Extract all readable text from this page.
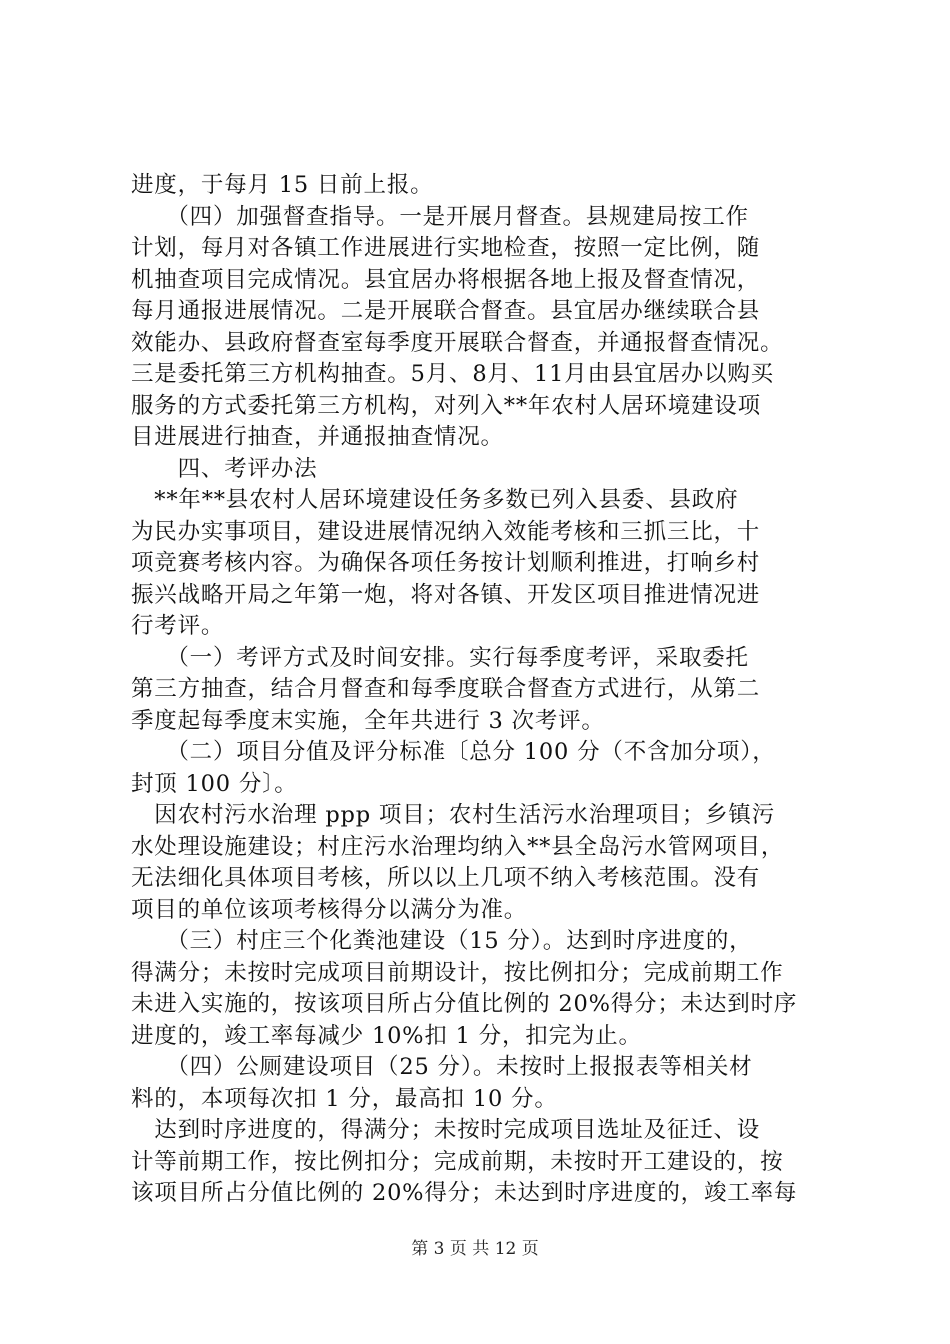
进度，于每月 15 日前上报。
　　（四）加强督查指导。一是开展月督查。县规建局按工作
计划，每月对各镇工作进展进行实地检查，按照一定比例，随
机抽查项目完成情况。县宜居办将根据各地上报及督查情况，
每月通报进展情况。二是开展联合督查。县宜居办继续联合县
效能办、县政府督查室每季度开展联合督查，并通报督查情况。
三是委托第三方机构抽查。5月、8月、11月由县宜居办以购买
服务的方式委托第三方机构，对列入**年农村人居环境建设项
目进展进行抽查，并通报抽查情况。
　　四、考评办法
　**年**县农村人居环境建设任务多数已列入县委、县政府
为民办实事项目，建设进展情况纳入效能考核和三抓三比，十
项竞赛考核内容。为确保各项任务按计划顺利推进，打响乡村
振兴战略开局之年第一炮，将对各镇、开发区项目推进情况进
行考评。
　　（一）考评方式及时间安排。实行每季度考评，采取委托
第三方抽查，结合月督查和每季度联合督查方式进行，从第二
季度起每季度末实施，全年共进行 3 次考评。
　　（二）项目分值及评分标准〔总分 100 分（不含加分项），
封顶 100 分〕。
　因农村污水治理 ppp 项目；农村生活污水治理项目；乡镇污
水处理设施建设；村庄污水治理均纳入**县全岛污水管网项目，
无法细化具体项目考核，所以以上几项不纳入考核范围。没有
项目的单位该项考核得分以满分为准。
　　（三）村庄三个化粪池建设（15 分）。达到时序进度的，
得满分；未按时完成项目前期设计，按比例扣分；完成前期工作
未进入实施的，按该项目所占分值比例的 20%得分；未达到时序
进度的，竣工率每减少 10%扣 1 分，扣完为止。
　　（四）公厕建设项目（25 分）。未按时上报报表等相关材
料的，本项每次扣 1 分，最高扣 10 分。
　达到时序进度的，得满分；未按时完成项目选址及征迁、设
计等前期工作，按比例扣分；完成前期，未按时开工建设的，按
该项目所占分值比例的 20%得分；未达到时序进度的，竣工率每
第 3 页 共 12 页
